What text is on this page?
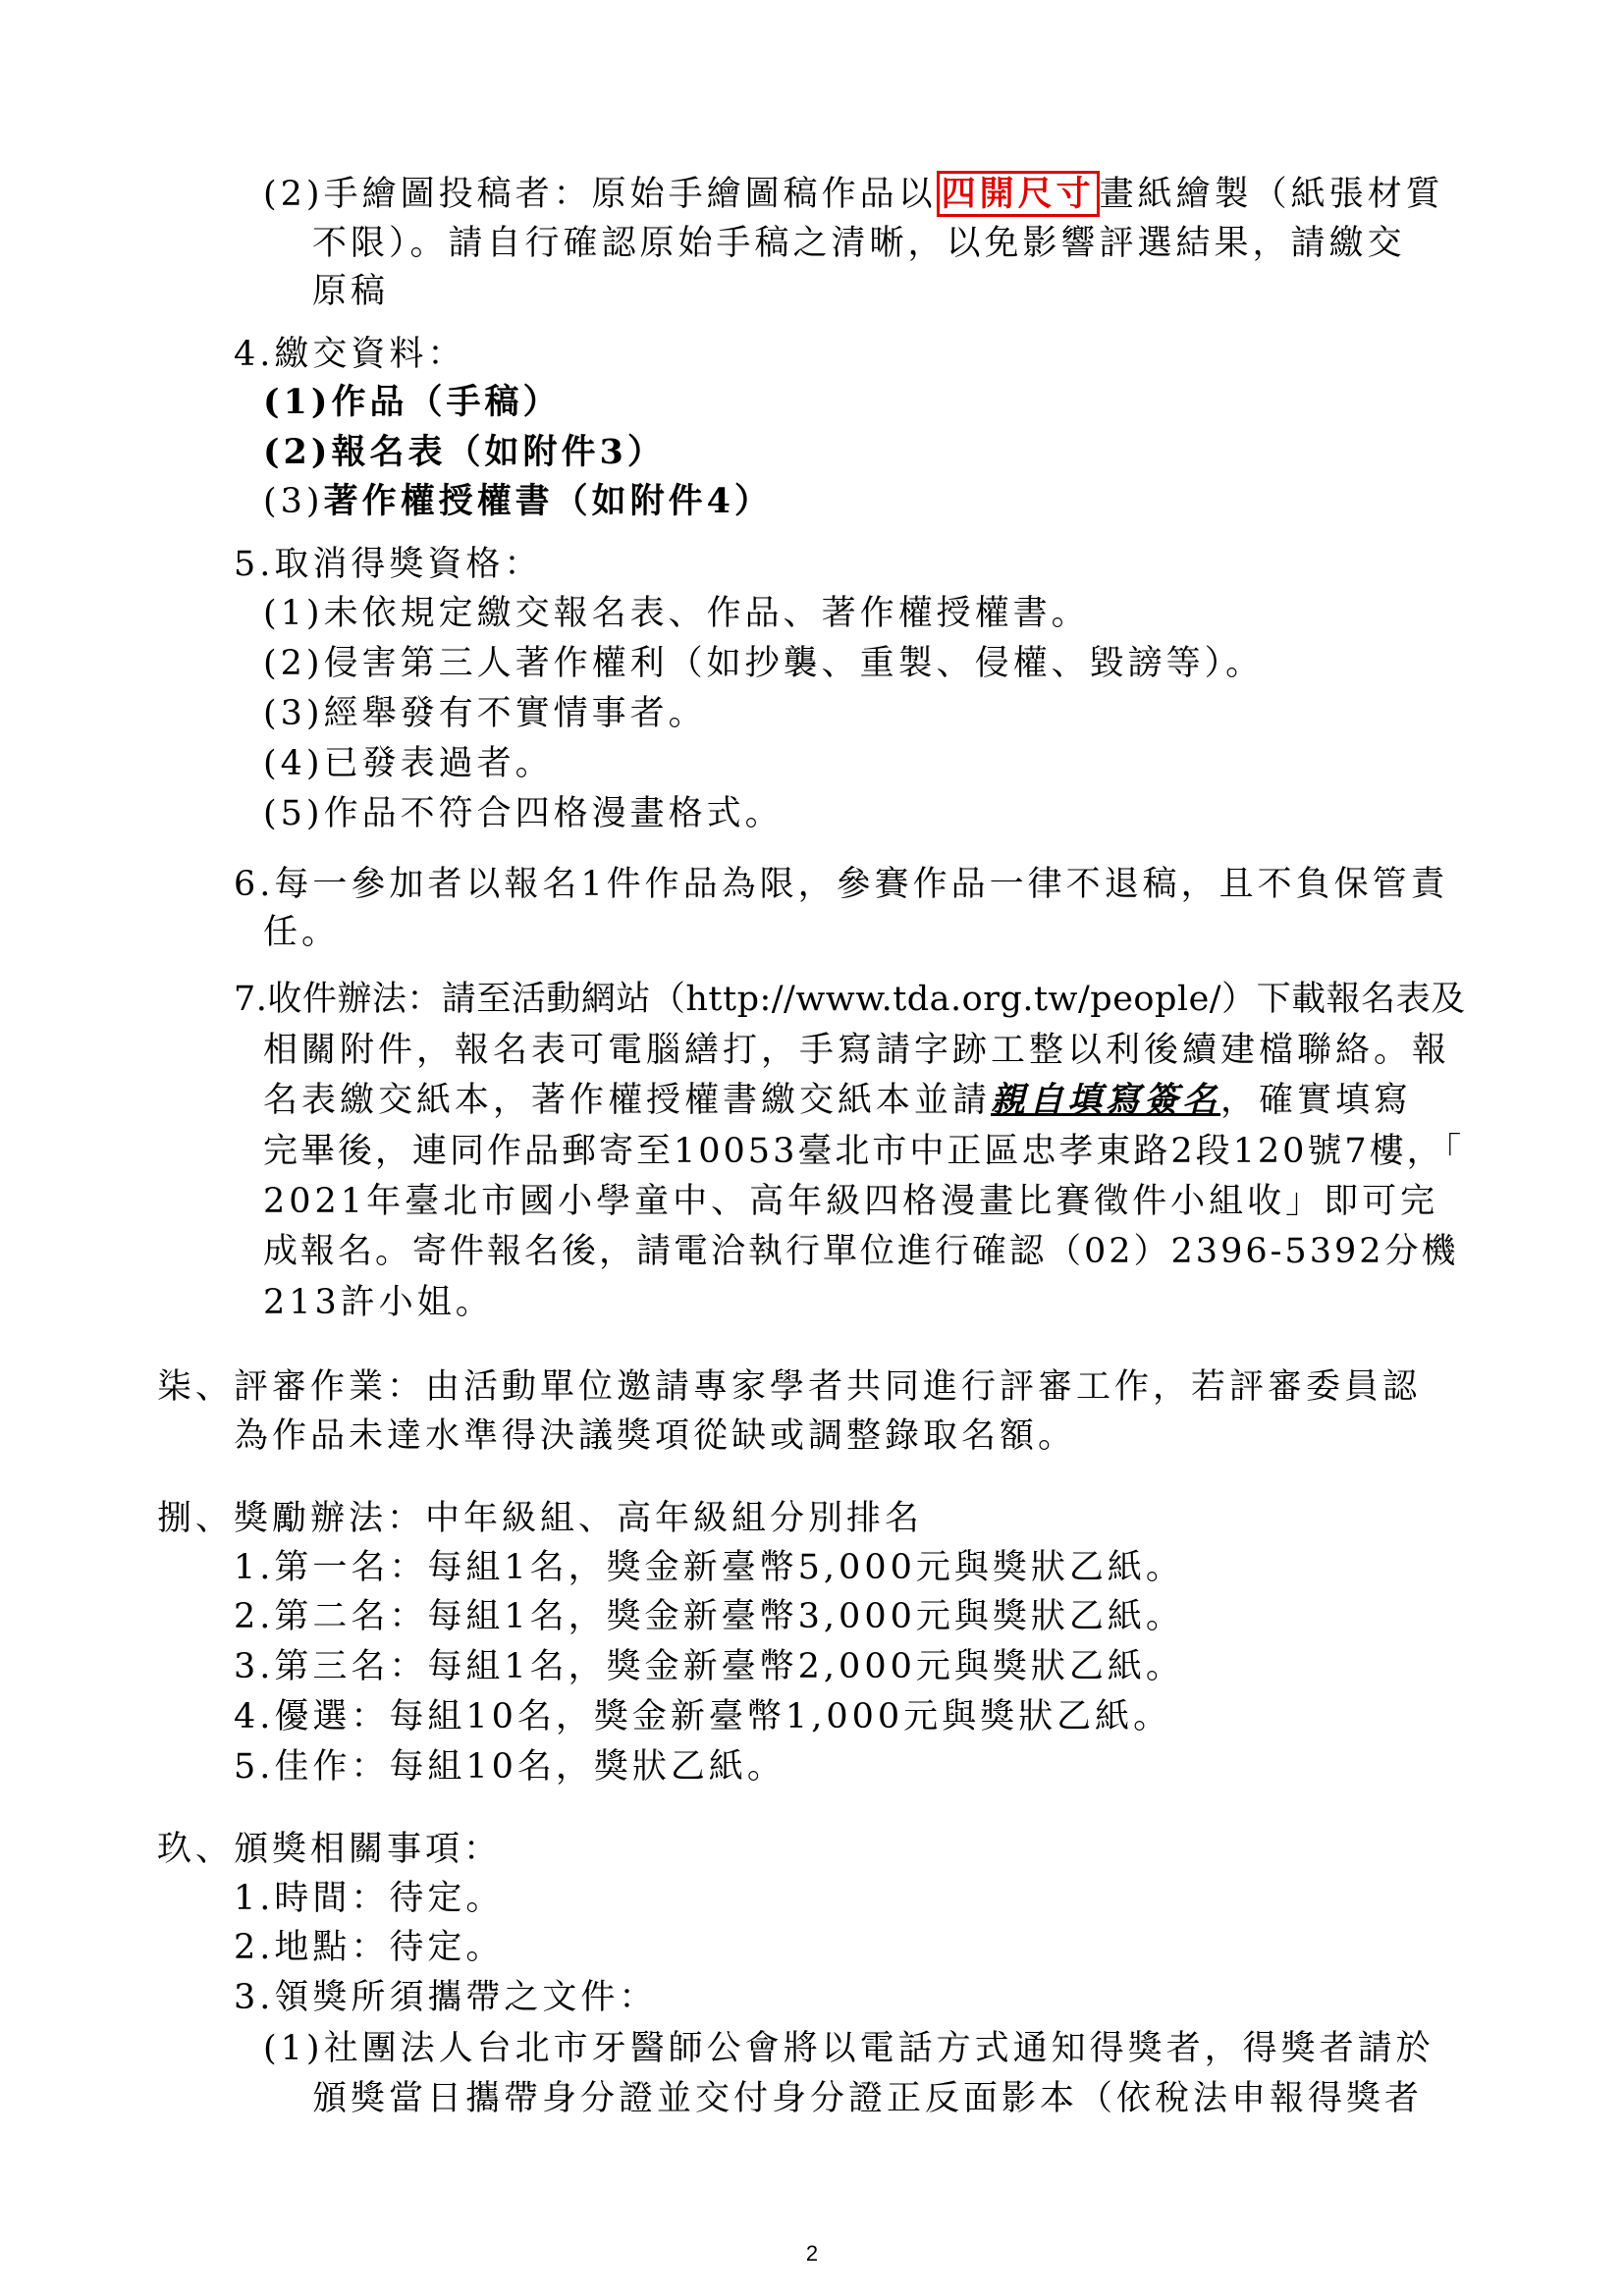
(2)手繪圖投稿者：原始手繪圖稿作品以 四開尺寸 畫紙繪製（紙張材質
不限）。請自行確認原始手稿之清晰，以免影響評選結果，請繳交
原稿
4.繳交資料：
(1)作品（手稿）
(2)報名表（如附件3）
(3)著作權授權書（如附件4）
5.取消得獎資格：
(1)未依規定繳交報名表、作品、著作權授權書。
(2)侵害第三人著作權利（如抄襲、重製、侵權、毀謗等）。
(3)經舉發有不實情事者。
(4)已發表過者。
(5)作品不符合四格漫畫格式。
6.每一參加者以報名1件作品為限，參賽作品一律不退稿，且不負保管責
任。
7.收件辦法：請至活動網站（http://www.tda.org.tw/people/）下載報名表及
相關附件，報名表可電腦繕打，手寫請字跡工整以利後續建檔聯絡。報
名表繳交紙本，著作權授權書繳交紙本並請親自填寫簽名，確實填寫
完畢後，連同作品郵寄至10053臺北市中正區忠孝東路2段120號7樓，「
2021年臺北市國小學童中、高年級四格漫畫比賽徵件小組收」即可完
成報名。寄件報名後，請電洽執行單位進行確認（02）2396-5392分機
213許小姐。
柒、評審作業：由活動單位邀請專家學者共同進行評審工作，若評審委員認
為作品未達水準得決議獎項從缺或調整錄取名額。
捌、獎勵辦法：中年級組、高年級組分別排名
1.第一名：每組1名，獎金新臺幣5,000元與獎狀乙紙。
2.第二名：每組1名，獎金新臺幣3,000元與獎狀乙紙。
3.第三名：每組1名，獎金新臺幣2,000元與獎狀乙紙。
4.優選：每組10名，獎金新臺幣1,000元與獎狀乙紙。
5.佳作：每組10名，獎狀乙紙。
玖、頒獎相關事項：
1.時間：待定。
2.地點：待定。
3.領獎所須攜帶之文件：
(1)社團法人台北市牙醫師公會將以電話方式通知得獎者，得獎者請於
頒獎當日攜帶身分證並交付身分證正反面影本（依稅法申報得獎者
2
